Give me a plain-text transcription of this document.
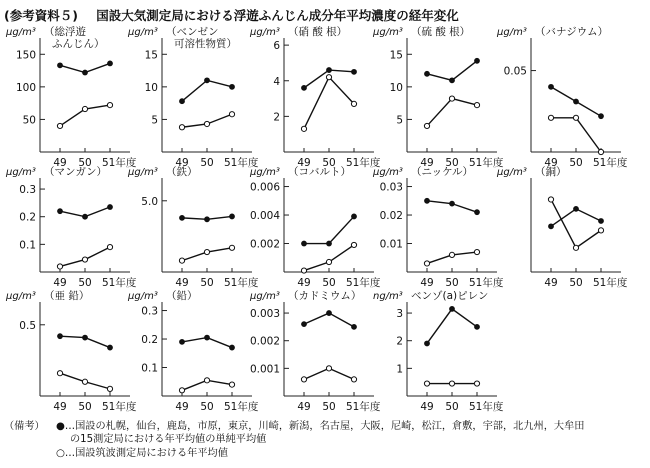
(参考資料５) 国設大気測定局における浮遊ふんじん成分年平均濃度の経年変化
μg/m³ （総浮遊
ふんじん）
50
100
150
49 50 51年度
μg/m³ （ベンゼン
可溶性物質）
5
10
15
49 50 51年度
μg/m³ （硝 酸 根）
2
4
6
49 50 51年度
μg/m³ （硫 酸 根）
5
10
15
49 50 51年度
μg/m³ （バナジウム）
0.05
49 50 51年度
μg/m³ （マンガン）
0.1
0.2
0.3
49 50 51年度
μg/m³ （鉄）
5.0
49 50 51年度
μg/m³ （コバルト）
0.002
0.004
0.006
49 50 51年度
μg/m³ （ニッケル）
0.01
0.02
0.03
49 50 51年度
μg/m³ （銅）
49 50 51年度
μg/m³ （亜 鉛）
0.5
49 50 51年度
μg/m³ （鉛）
0.1
0.2
0.3
49 50 51年度
μg/m³ （カドミウム）
0.001
0.002
0.003
49 50 51年度
ng/m³ ベンゾ(a)ピレン
1
2
3
49 50 51年度
（備考） ●…国設の札幌，仙台，鹿島，市原，東京，川崎，新潟，名古屋，大阪，尼崎，松江，倉敷，宇部，北九州，大牟田
の15測定局における年平均値の単純平均値
○…国設筑波測定局における年平均値
